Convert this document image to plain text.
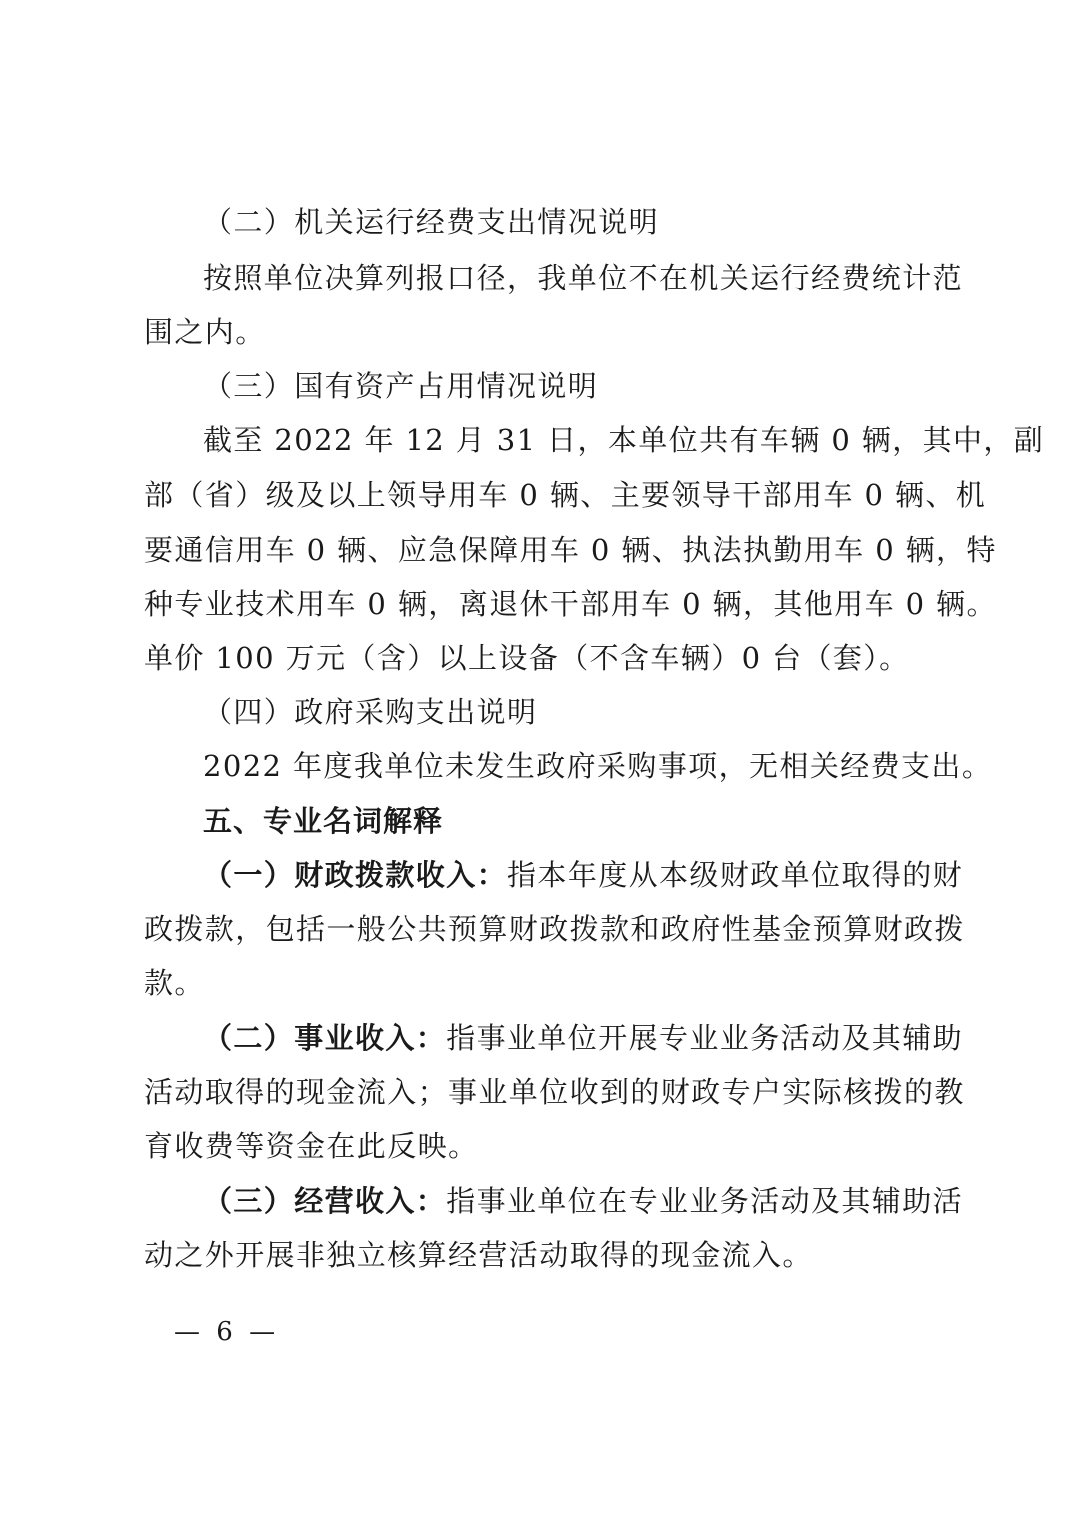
（二）机关运行经费支出情况说明

按照单位决算列报口径，我单位不在机关运行经费统计范

围之内。

（三）国有资产占用情况说明

截至 2022 年 12 月 31 日，本单位共有车辆 0 辆，其中，副

部（省）级及以上领导用车 0 辆、主要领导干部用车 0 辆、机

要通信用车 0 辆、应急保障用车 0 辆、执法执勤用车 0 辆，特

种专业技术用车 0 辆，离退休干部用车 0 辆，其他用车 0 辆。

单价 100 万元（含）以上设备（不含车辆）0 台（套）。

（四）政府采购支出说明

2022 年度我单位未发生政府采购事项，无相关经费支出。

五、专业名词解释

（一）财政拨款收入：指本年度从本级财政单位取得的财

政拨款，包括一般公共预算财政拨款和政府性基金预算财政拨

款。

（二）事业收入：指事业单位开展专业业务活动及其辅助

活动取得的现金流入；事业单位收到的财政专户实际核拨的教

育收费等资金在此反映。

（三）经营收入：指事业单位在专业业务活动及其辅助活

动之外开展非独立核算经营活动取得的现金流入。

— 6 —
